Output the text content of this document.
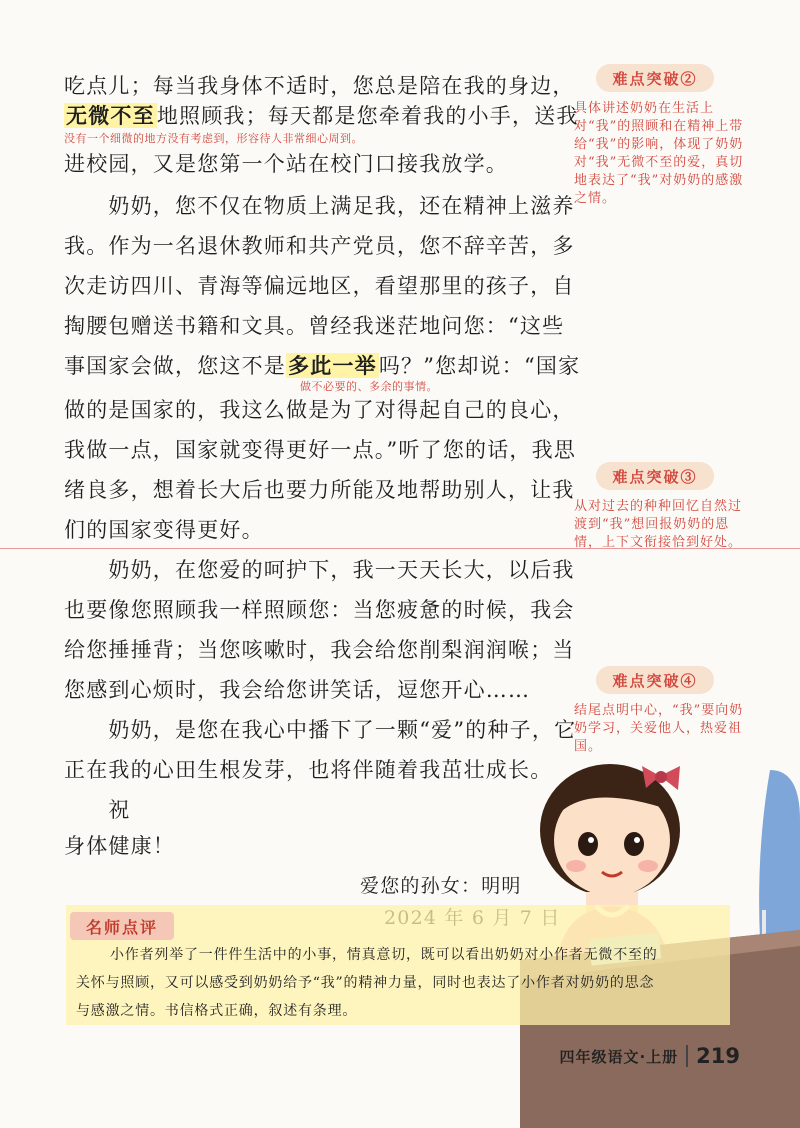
吃点儿；每当我身体不适时，您总是陪在我的身边，
无微不至地照顾我；每天都是您牵着我的小手，送我
没有一个细微的地方没有考虑到，形容待人非常细心周到。
进校园，又是您第一个站在校门口接我放学。
　　奶奶，您不仅在物质上满足我，还在精神上滋养
我。作为一名退休教师和共产党员，您不辞辛苦，多
次走访四川、青海等偏远地区，看望那里的孩子，自
掏腰包赠送书籍和文具。曾经我迷茫地问您：“这些
事国家会做，您这不是多此一举吗？”您却说：“国家
做不必要的、多余的事情。
做的是国家的，我这么做是为了对得起自己的良心，
我做一点，国家就变得更好一点。”听了您的话，我思
绪良多，想着长大后也要力所能及地帮助别人，让我
们的国家变得更好。
　　奶奶，在您爱的呵护下，我一天天长大，以后我
也要像您照顾我一样照顾您：当您疲惫的时候，我会
给您捶捶背；当您咳嗽时，我会给您削梨润润喉；当
您感到心烦时，我会给您讲笑话，逗您开心……
　　奶奶，是您在我心中播下了一颗“爱”的种子，它
正在我的心田生根发芽，也将伴随着我茁壮成长。
　　祝
身体健康！
爱您的孙女：明明
难点突破②
具体讲述奶奶在生活上对“我”的照顾和在精神上带给“我”的影响，体现了奶奶对“我”无微不至的爱，真切地表达了“我”对奶奶的感激之情。
难点突破③
从对过去的种种回忆自然过渡到“我”想回报奶奶的恩情，上下文衔接恰到好处。
难点突破④
结尾点明中心，“我”要向奶奶学习，关爱他人，热爱祖国。
名师点评
小作者列举了一件件生活中的小事，情真意切，既可以看出奶奶对小作者无微不至的
关怀与照顾，又可以感受到奶奶给予“我”的精神力量，同时也表达了小作者对奶奶的思念
与感激之情。书信格式正确，叙述有条理。
四年级语文·上册 219
